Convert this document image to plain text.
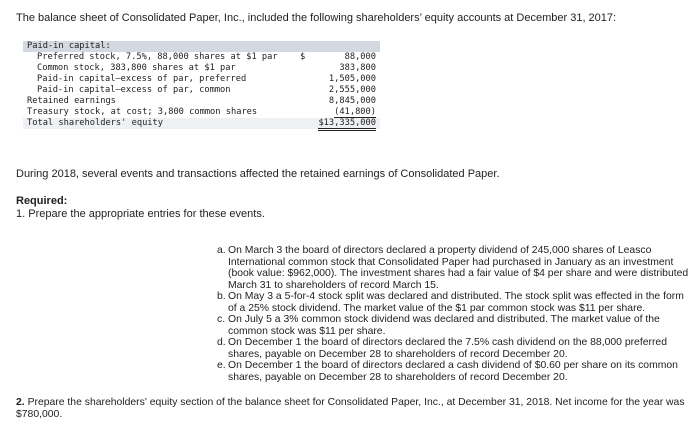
The balance sheet of Consolidated Paper, Inc., included the following shareholders’ equity accounts at December 31, 2017:
Paid-in capital:
Preferred stock, 7.5%, 88,000 shares at $1 par	$	88,000
Common stock, 383,800 shares at $1 par	383,800
Paid-in capital—excess of par, preferred	1,505,000
Paid-in capital—excess of par, common	2,555,000
Retained earnings	8,845,000
Treasury stock, at cost; 3,800 common shares	(41,800)
Total shareholders' equity	$13,335,000
During 2018, several events and transactions affected the retained earnings of Consolidated Paper.
Required:
1. Prepare the appropriate entries for these events.
a. On March 3 the board of directors declared a property dividend of 245,000 shares of Leasco International common stock that Consolidated Paper had purchased in January as an investment (book value: $962,000). The investment shares had a fair value of $4 per share and were distributed March 31 to shareholders of record March 15.
b. On May 3 a 5-for-4 stock split was declared and distributed. The stock split was effected in the form of a 25% stock dividend. The market value of the $1 par common stock was $11 per share.
c. On July 5 a 3% common stock dividend was declared and distributed. The market value of the common stock was $11 per share.
d. On December 1 the board of directors declared the 7.5% cash dividend on the 88,000 preferred shares, payable on December 28 to shareholders of record December 20.
e. On December 1 the board of directors declared a cash dividend of $0.60 per share on its common shares, payable on December 28 to shareholders of record December 20.
2. Prepare the shareholders' equity section of the balance sheet for Consolidated Paper, Inc., at December 31, 2018. Net income for the year was $780,000.
